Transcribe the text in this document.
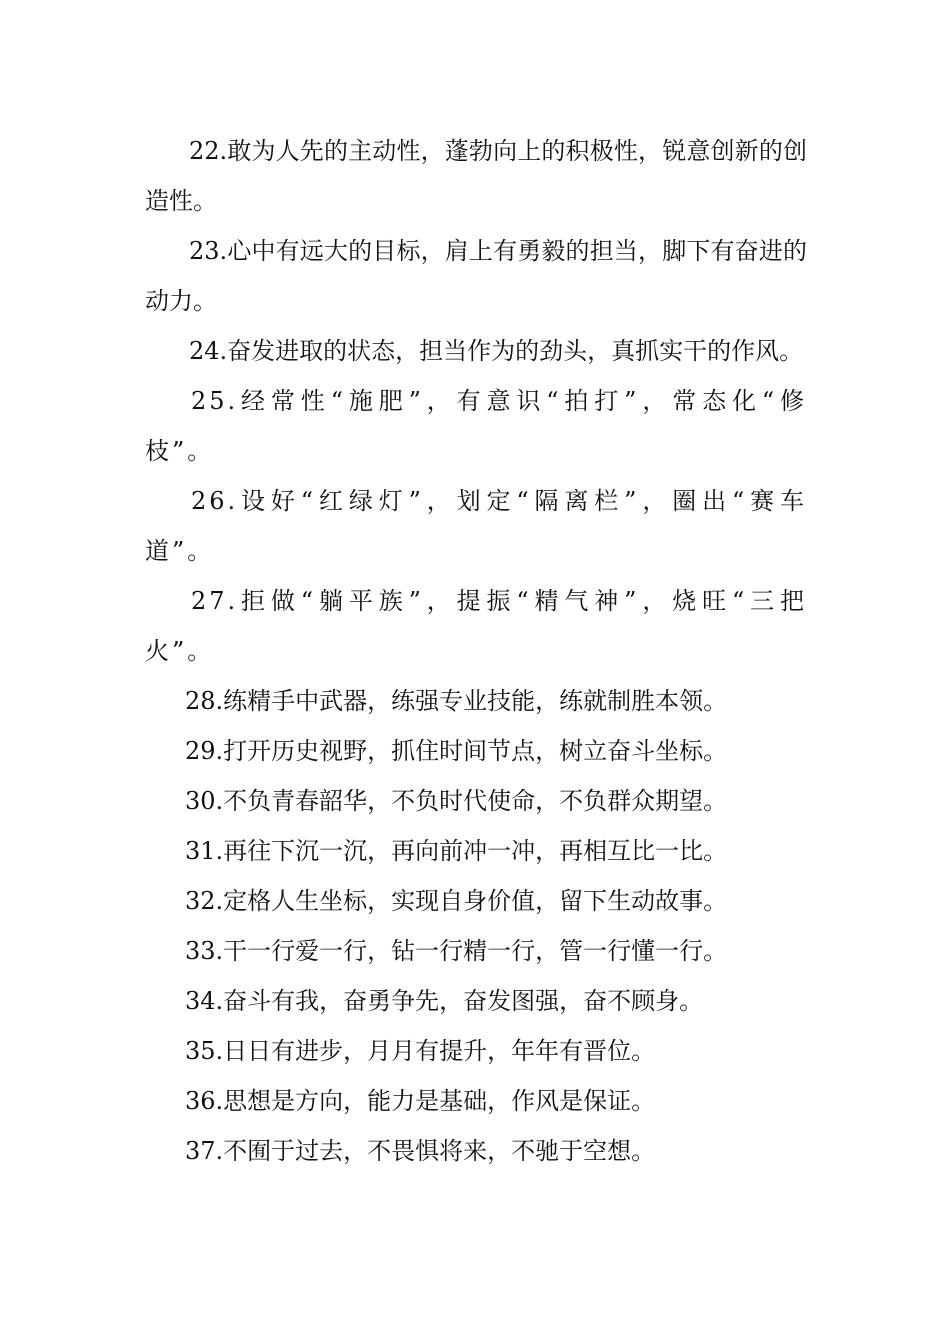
22.敢为人先的主动性，蓬勃向上的积极性，锐意创新的创造性。

23.心中有远大的目标，肩上有勇毅的担当，脚下有奋进的动力。

24.奋发进取的状态，担当作为的劲头，真抓实干的作风。

25.经常性“施肥”，有意识“拍打”，常态化“修枝”。

26.设好“红绿灯”，划定“隔离栏”，圈出“赛车道”。

27.拒做“躺平族”，提振“精气神”，烧旺“三把火”。

28.练精手中武器，练强专业技能，练就制胜本领。

29.打开历史视野，抓住时间节点，树立奋斗坐标。

30.不负青春韶华，不负时代使命，不负群众期望。

31.再往下沉一沉，再向前冲一冲，再相互比一比。

32.定格人生坐标，实现自身价值，留下生动故事。

33.干一行爱一行，钻一行精一行，管一行懂一行。

34.奋斗有我，奋勇争先，奋发图强，奋不顾身。

35.日日有进步，月月有提升，年年有晋位。

36.思想是方向，能力是基础，作风是保证。

37.不囿于过去，不畏惧将来，不驰于空想。
